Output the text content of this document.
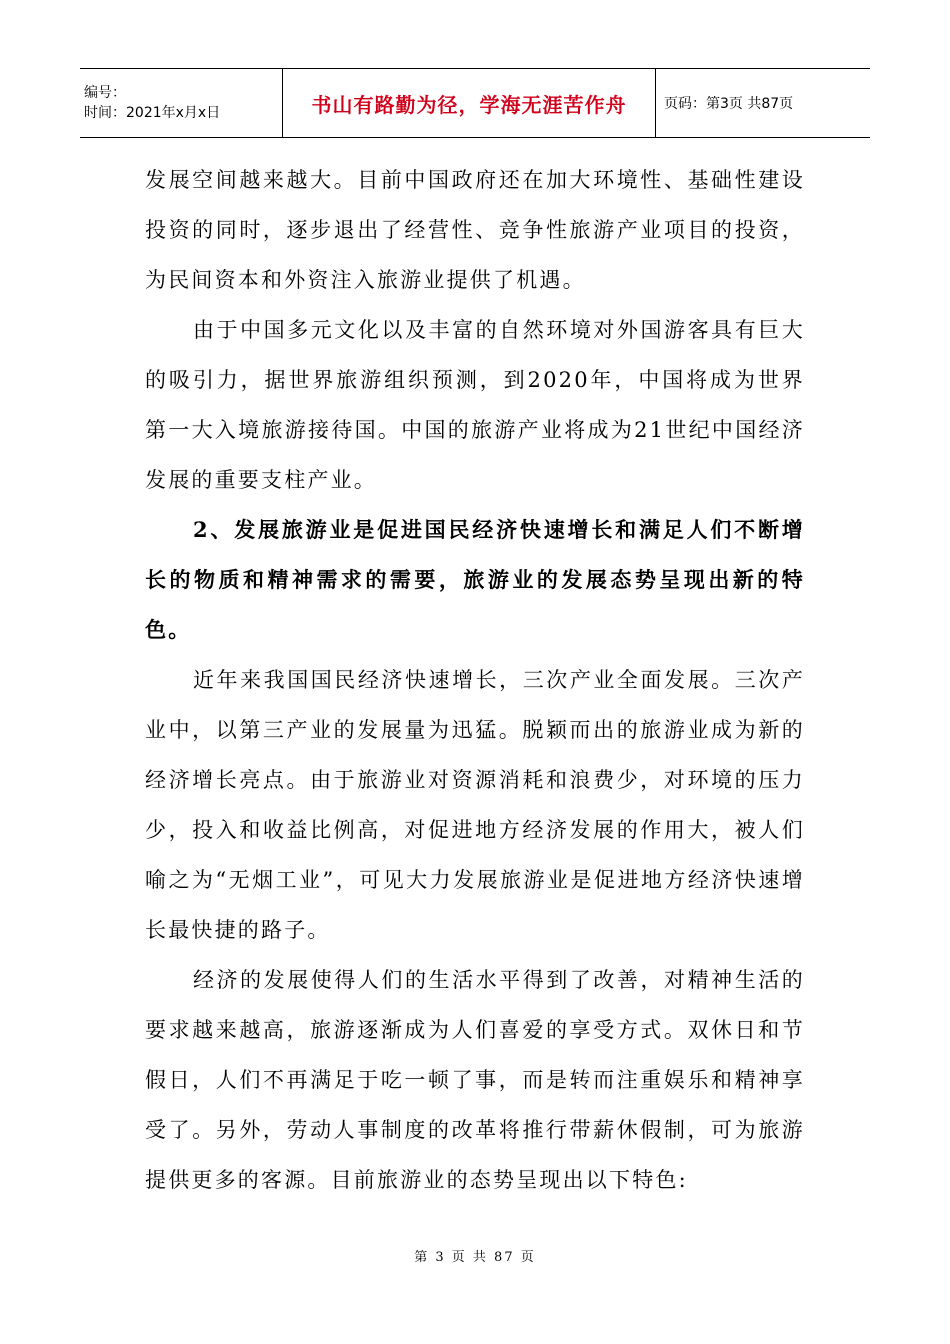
编号：
时间：2021年x月x日	书山有路勤为径，学海无涯苦作舟	页码：第3页 共87页

发展空间越来越大。目前中国政府还在加大环境性、基础性建设投资的同时，逐步退出了经营性、竞争性旅游产业项目的投资，为民间资本和外资注入旅游业提供了机遇。

由于中国多元文化以及丰富的自然环境对外国游客具有巨大的吸引力，据世界旅游组织预测，到2020年，中国将成为世界第一大入境旅游接待国。中国的旅游产业将成为21世纪中国经济发展的重要支柱产业。

2、发展旅游业是促进国民经济快速增长和满足人们不断增长的物质和精神需求的需要，旅游业的发展态势呈现出新的特色。

近年来我国国民经济快速增长，三次产业全面发展。三次产业中，以第三产业的发展量为迅猛。脱颖而出的旅游业成为新的经济增长亮点。由于旅游业对资源消耗和浪费少，对环境的压力少，投入和收益比例高，对促进地方经济发展的作用大，被人们喻之为“无烟工业”，可见大力发展旅游业是促进地方经济快速增长最快捷的路子。

经济的发展使得人们的生活水平得到了改善，对精神生活的要求越来越高，旅游逐渐成为人们喜爱的享受方式。双休日和节假日，人们不再满足于吃一顿了事，而是转而注重娱乐和精神享受了。另外，劳动人事制度的改革将推行带薪休假制，可为旅游提供更多的客源。目前旅游业的态势呈现出以下特色:

第 3 页 共 87 页
